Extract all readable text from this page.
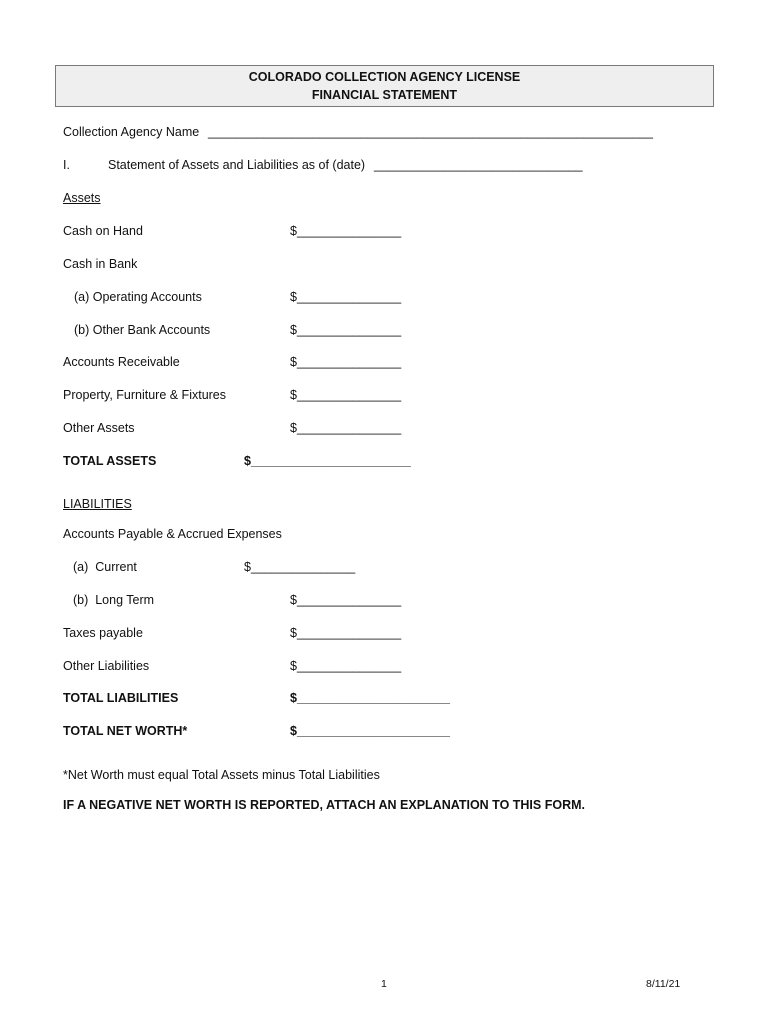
COLORADO COLLECTION AGENCY LICENSE
FINANCIAL STATEMENT
Collection Agency Name ________________________________________________________________
I.	Statement of Assets and Liabilities as of (date) ______________________________
Assets
Cash on Hand	$_______________
Cash in Bank
(a) Operating Accounts	$_______________
(b) Other Bank Accounts	$_______________
Accounts Receivable	$_______________
Property, Furniture & Fixtures	$_______________
Other Assets	$_______________
TOTAL ASSETS	$_______________________
LIABILITIES
Accounts Payable & Accrued Expenses
(a)  Current	$_______________
(b)  Long Term	$_______________
Taxes payable	$_______________
Other Liabilities	$_______________
TOTAL LIABILITIES	$______________________
TOTAL NET WORTH*	$______________________
*Net Worth must equal Total Assets minus Total Liabilities
IF A NEGATIVE NET WORTH IS REPORTED, ATTACH AN EXPLANATION TO THIS FORM.
1	8/11/21
